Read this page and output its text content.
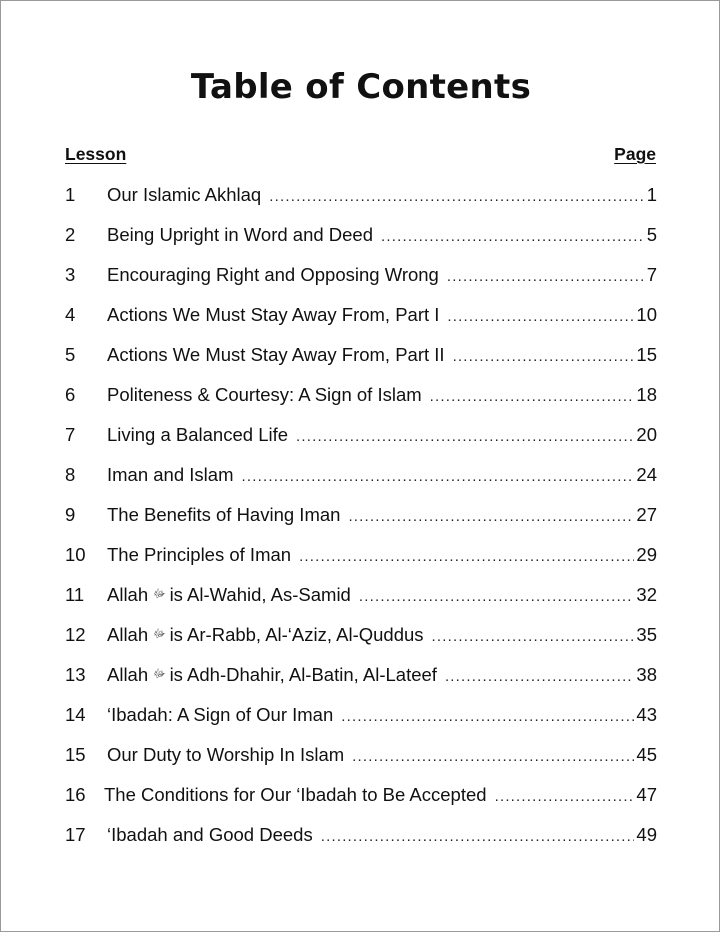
Table of Contents
Lesson	Page
1	Our Islamic Akhlaq .....	1
2	Being Upright in Word and Deed .....	5
3	Encouraging Right and Opposing Wrong .....	7
4	Actions We Must Stay Away From, Part I .....	10
5	Actions We Must Stay Away From, Part II .....	15
6	Politeness & Courtesy: A Sign of Islam .....	18
7	Living a Balanced Life .....	20
8	Iman and Islam .....	24
9	The Benefits of Having Iman .....	27
10	The Principles of Iman .....	29
11	Allah ﷻ is Al-Wahid, As-Samid .....	32
12	Allah ﷻ is Ar-Rabb, Al-‘Aziz, Al-Quddus .....	35
13	Allah ﷻ is Adh-Dhahir, Al-Batin, Al-Lateef .....	38
14	‘Ibadah: A Sign of Our Iman .....	43
15	Our Duty to Worship In Islam .....	45
16 The Conditions for Our ‘Ibadah to Be Accepted .....	47
17	‘Ibadah and Good Deeds .....	49
